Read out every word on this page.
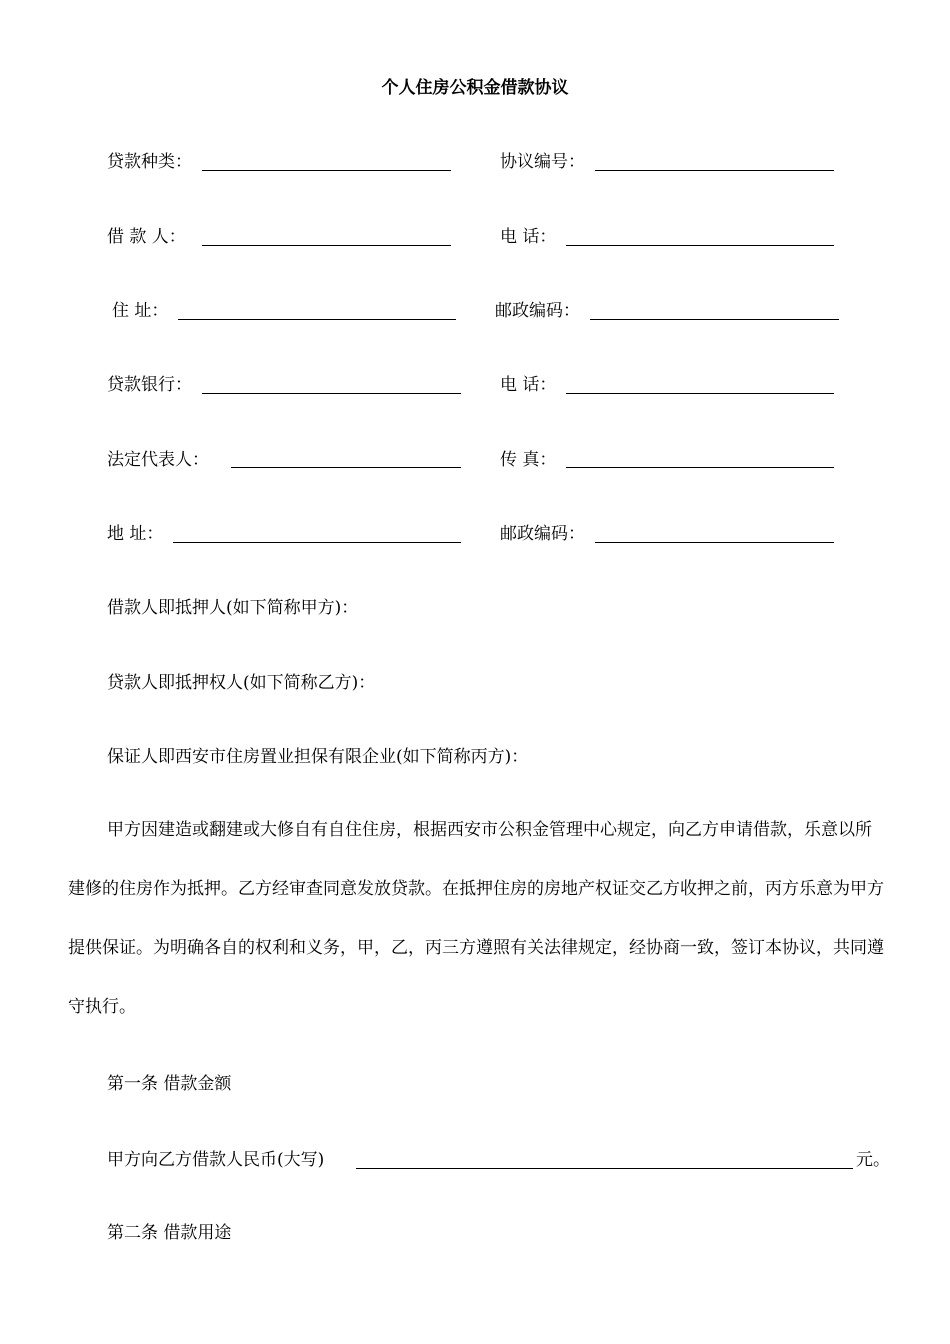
个人住房公积金借款协议
贷款种类：	协议编号：
借 款 人：	电 话：
住 址：	邮政编码：
贷款银行：	电 话：
法定代表人：	传 真：
地 址：	邮政编码：
借款人即抵押人(如下简称甲方)：
贷款人即抵押权人(如下简称乙方)：
保证人即西安市住房置业担保有限企业(如下简称丙方)：
甲方因建造或翻建或大修自有自住住房，根据西安市公积金管理中心规定，向乙方申请借款，乐意以所建修的住房作为抵押。乙方经审查同意发放贷款。在抵押住房的房地产权证交乙方收押之前，丙方乐意为甲方提供保证。为明确各自的权利和义务，甲，乙，丙三方遵照有关法律规定，经协商一致，签订本协议，共同遵守执行。
第一条 借款金额
甲方向乙方借款人民币(大写)	元。
第二条 借款用途
